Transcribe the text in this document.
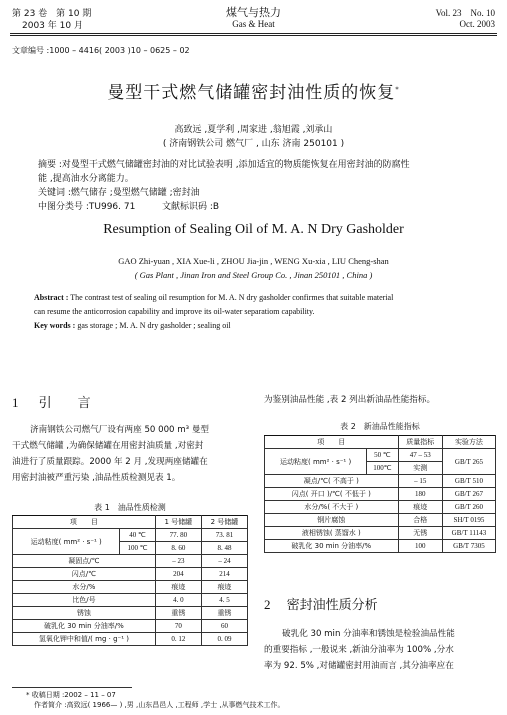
第 23 卷　第 10 期
2003 年 10 月
煤气与热力
Gas & Heat
Vol. 23　No. 10
Oct. 2003
文章编号 :1000 – 4416( 2003 )10 – 0625 – 02
曼型干式燃气储罐密封油性质的恢复*
高致远 ,夏学利 ,周家进 ,翁旭霞 ,刘承山
( 济南钢铁公司 燃气厂 , 山东 济南 250101 )
摘要 :对曼型干式燃气储罐密封油的对比试验表明 ,添加适宜的物质能恢复在用密封油的防腐性
能 ,提高油水分离能力。
关键词 :燃气储存 ;曼型燃气储罐 ;密封油
中图分类号 :TU996. 71	文献标识码 :B
Resumption of Sealing Oil of M. A. N Dry Gasholder
GAO Zhi-yuan , XIA Xue-li , ZHOU Jia-jin , WENG Xu-xia , LIU Cheng-shan
( Gas Plant , Jinan Iron and Steel Group Co. , Jinan 250101 , China )
Abstract : The contrast test of sealing oil resumption for M. A. N dry gasholder confirmes that suitable material
can resume the anticorrosion capability and improve its oil-water separatiom capability.
Key words : gas storage ; M. A. N dry gasholder ; sealing oil
1 引　　言
济南钢铁公司燃气厂设有两座 50 000 m³ 曼型
干式燃气储罐 ,为确保储罐在用密封油质量 ,对密封
油进行了质量跟踪。2000 年 2 月 ,发现两座储罐在
用密封油被严重污染 ,油品性质检测见表 1。
表 1　油品性质检测
项　　目		1 号储罐	2 号储罐
运动粘度( mm² · s⁻¹ )	40 ℃	77. 80	73. 81
	100 ℃	8. 60	8. 48
凝固点/℃		– 23	– 24
闪点/℃		204	214
水分/%		痕迹	痕迹
比色/号		4. 0	4. 5
锈蚀		重锈	重锈
破乳化 30 min 分油率/%		70	60
氢氧化钾中和值/( mg · g⁻¹ )		0. 12	0. 09
为鉴别油品性能 ,表 2 列出新油品性能指标。
表 2　新油品性能指标
项　　目		质量指标	实验方法
运动粘度( mm² · s⁻¹ )	50 ℃	47 – 53	GB/T 265
	100℃	实测	
凝点/℃( 不高于 )		– 15	GB/T 510
闪点( 开口 )/℃( 不低于 )		180	GB/T 267
水分/%( 不大于 )		痕迹	GB/T 260
钢片腐蚀		合格	SH/T 0195
液相锈蚀( 蒸馏水 )		无锈	GB/T 11143
破乳化 30 min 分油率/%		100	GB/T 7305
2 密封油性质分析
破乳化 30 min 分油率和锈蚀是检验油品性能
的重要指标 ,一般说来 ,新油分油率为 100% ,分水
率为 92. 5% ,对储罐密封用油而言 ,其分油率应在
* 收稿日期 :2002 – 11 – 07
作者简介 :高致远( 1966— ) ,男 ,山东昌邑人 ,工程师 ,学士 ,从事燃气技术工作。
